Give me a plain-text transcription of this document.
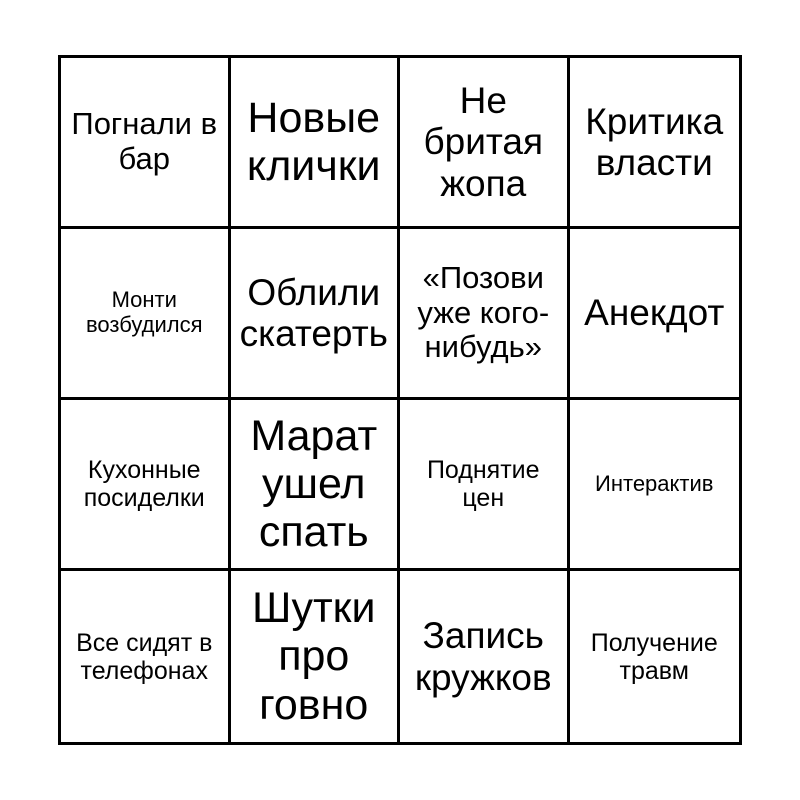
Погнали в бар
Новые клички
Не бритая жопа
Критика власти
Монти возбудился
Облили скатерть
«Позови уже кого-нибудь»
Анекдот
Кухонные посиделки
Марат ушел спать
Поднятие цен
Интерактив
Все сидят в телефонах
Шутки про говно
Запись кружков
Получение травм
